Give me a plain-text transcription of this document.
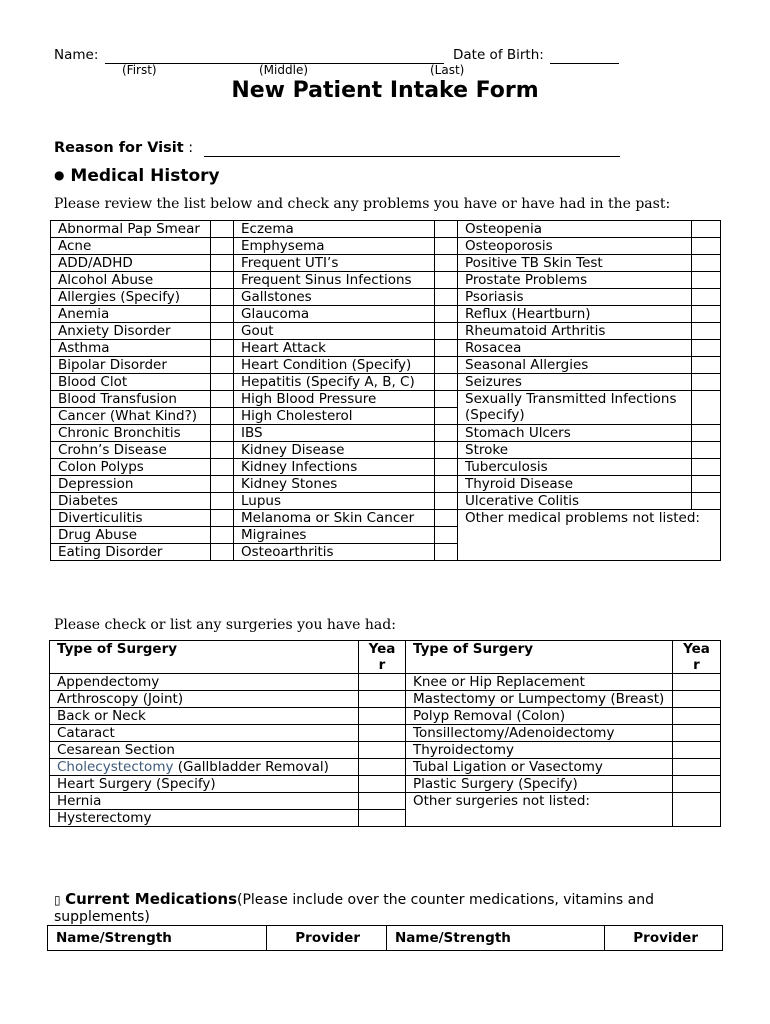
Name:	Date of Birth:
(First)	(Middle)	(Last)
New Patient Intake Form
Reason for Visit :
● Medical History
Please review the list below and check any problems you have or have had in the past:
Abnormal Pap Smear		Eczema		Osteopenia	
Acne		Emphysema		Osteoporosis	
ADD/ADHD		Frequent UTI’s		Positive TB Skin Test	
Alcohol Abuse		Frequent Sinus Infections		Prostate Problems	
Allergies (Specify)		Gallstones		Psoriasis	
Anemia		Glaucoma		Reflux (Heartburn)	
Anxiety Disorder		Gout		Rheumatoid Arthritis	
Asthma		Heart Attack		Rosacea	
Bipolar Disorder		Heart Condition (Specify)		Seasonal Allergies	
Blood Clot		Hepatitis (Specify A, B, C)		Seizures	
Blood Transfusion		High Blood Pressure		Sexually Transmitted Infections (Specify)	
Cancer (What Kind?)		High Cholesterol			
Chronic Bronchitis		IBS		Stomach Ulcers	
Crohn’s Disease		Kidney Disease		Stroke	
Colon Polyps		Kidney Infections		Tuberculosis	
Depression		Kidney Stones		Thyroid Disease	
Diabetes		Lupus		Ulcerative Colitis	
Diverticulitis		Melanoma or Skin Cancer		Other medical problems not listed:	
Drug Abuse		Migraines			
Eating Disorder		Osteoarthritis			
Please check or list any surgeries you have had:
Type of Surgery	Yea
r	Type of Surgery	Yea
r
Appendectomy		Knee or Hip Replacement	
Arthroscopy (Joint)		Mastectomy or Lumpectomy (Breast)	

Back or Neck		Polyp Removal (Colon)	
Cataract		Tonsillectomy/Adenoidectomy	
Cesarean Section		Thyroidectomy	
Cholecystectomy (Gallbladder Removal)		Tubal Ligation or Vasectomy	
Heart Surgery (Specify)		Plastic Surgery (Specify)	
Hernia		Other surgeries not listed:	
Hysterectomy			
▯ Current Medications(Please include over the counter medications, vitamins and supplements)
Name/Strength	Provider	Name/Strength	Provider
